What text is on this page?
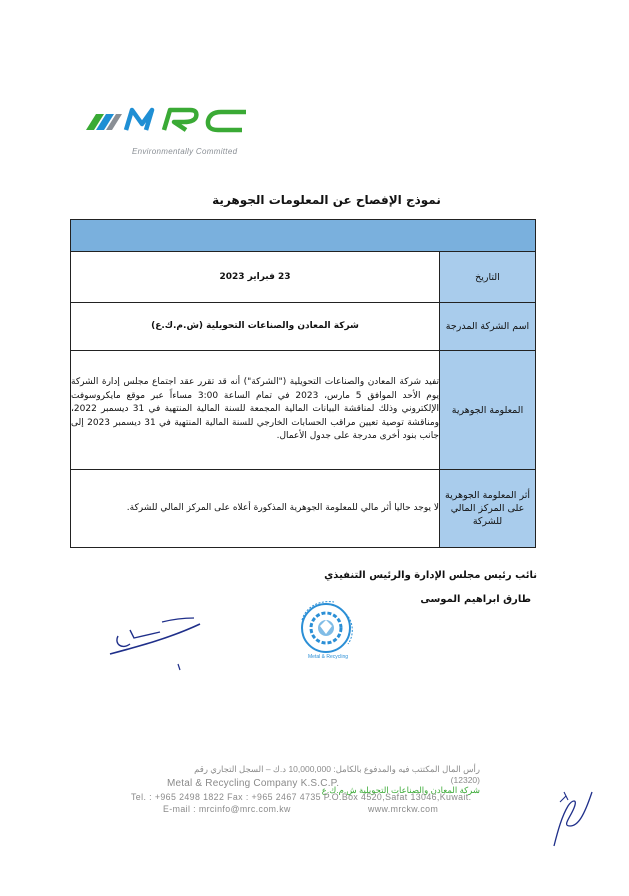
Environmentally Committed
نموذج الإفصاح عن المعلومات الجوهرية

التاريخ	23 فبراير 2023
اسم الشركة المدرجة	شركة المعادن والصناعات التحويلية (ش.م.ك.ع)
المعلومة الجوهرية	تفيد شركة المعادن والصناعات التحويلية ("الشركة") أنه قد تقرر عقد اجتماع مجلس إدارة الشركة يوم الأحد الموافق 5 مارس، 2023 في تمام الساعة 3:00 مساءاً عبر موقع مايكروسوفت الإلكتروني وذلك لمناقشة البيانات المالية المجمعة للسنة المالية المنتهية في 31 ديسمبر 2022، ومناقشة توصية تعيين مراقب الحسابات الخارجي للسنة المالية المنتهية في 31 ديسمبر 2023 إلى جانب بنود أخرى مدرجة على جدول الأعمال.
أثر المعلومة الجوهرية على المركز المالي للشركة	لا يوجد حاليا أثر مالي للمعلومة الجوهرية المذكورة أعلاه على المركز المالي للشركة.
نائب رئيس مجلس الإدارة والرئيس التنفيذي
طارق ابراهيم الموسى
Metal & Recycling
رأس المال المكتتب فيه والمدفوع بالكامل: 10,000,000 د.ك – السجل التجاري رقم (12320)
شركة المعادن والصناعات التحويلية ش.م.ك.ع
Metal & Recycling Company K.S.C.P.
Tel. : +965 2498 1822 Fax : +965 2467 4735 P.O.Box 4520,Safat 13046,Kuwait.
E-mail : mrcinfo@mrc.com.kw	www.mrckw.com
